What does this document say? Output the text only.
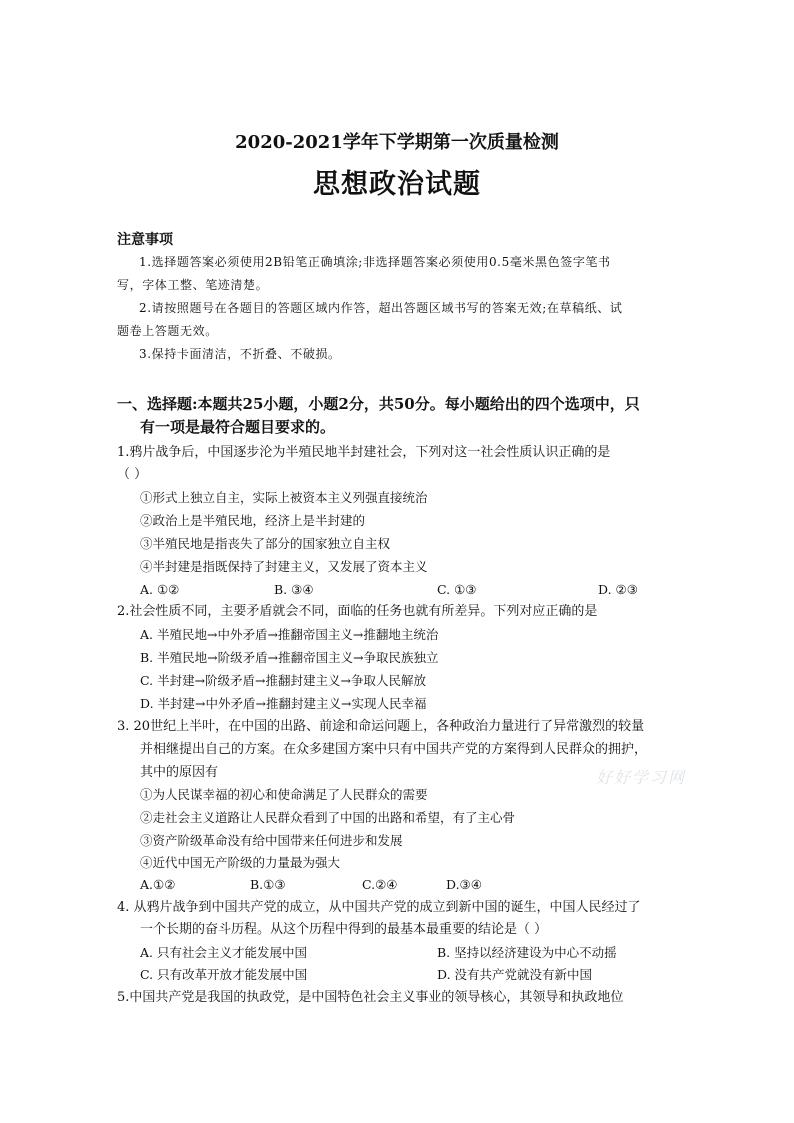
2020-2021学年下学期第一次质量检测
思想政治试题
注意事项
1.选择题答案必须使用2B铅笔正确填涂;非选择题答案必须使用0.5毫米黑色签字笔书
写，字体工整、笔迹清楚。
2.请按照题号在各题目的答题区域内作答，超出答题区域书写的答案无效;在草稿纸、试
题卷上答题无效。
3.保持卡面清洁，不折叠、不破损。
一、选择题:本题共25小题，小题2分，共50分。每小题给出的四个选项中，只
有一项是最符合题目要求的。
1.鸦片战争后，中国逐步沦为半殖民地半封建社会，下列对这一社会性质认识正确的是
（ ）
①形式上独立自主，实际上被资本主义列强直接统治
②政治上是半殖民地，经济上是半封建的
③半殖民地是指丧失了部分的国家独立自主权
④半封建是指既保持了封建主义，又发展了资本主义
A. ①②	B. ③④	C. ①③	D. ②③
2.社会性质不同，主要矛盾就会不同，面临的任务也就有所差异。下列对应正确的是
A. 半殖民地→中外矛盾→推翻帝国主义→推翻地主统治
B. 半殖民地→阶级矛盾→推翻帝国主义→争取民族独立
C. 半封建→阶级矛盾→推翻封建主义→争取人民解放
D. 半封建→中外矛盾→推翻封建主义→实现人民幸福
3. 20世纪上半叶，在中国的出路、前途和命运问题上，各种政治力量进行了异常激烈的较量
并相继提出自己的方案。在众多建国方案中只有中国共产党的方案得到人民群众的拥护，
其中的原因有
①为人民谋幸福的初心和使命满足了人民群众的需要
②走社会主义道路让人民群众看到了中国的出路和希望，有了主心骨
③资产阶级革命没有给中国带来任何进步和发展
④近代中国无产阶级的力量最为强大
A.①②	B.①③	C.②④	D.③④
4. 从鸦片战争到中国共产党的成立，从中国共产党的成立到新中国的诞生，中国人民经过了
一个长期的奋斗历程。从这个历程中得到的最基本最重要的结论是（ ）
A. 只有社会主义才能发展中国	B. 坚持以经济建设为中心不动摇
C. 只有改革开放才能发展中国	D. 没有共产党就没有新中国
5.中国共产党是我国的执政党，是中国特色社会主义事业的领导核心，其领导和执政地位
好好学习网
